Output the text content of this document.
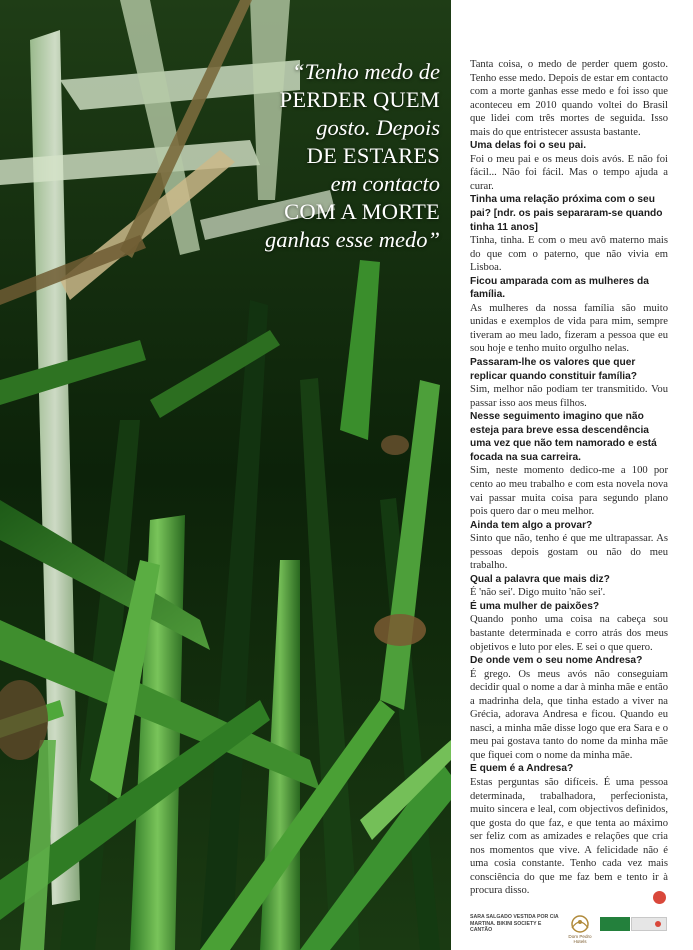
“Tenho medo de
PERDER QUEM
gosto. Depois
DE ESTARES
em contacto
COM A MORTE
ganhas esse medo”

Tanta coisa, o medo de perder quem gosto. Tenho esse medo. Depois de estar em contacto com a morte ganhas esse medo e foi isso que aconteceu em 2010 quando voltei do Brasil que lidei com três mortes de seguida. Isso mais do que entristecer assusta bastante.

Uma delas foi o seu pai.

Foi o meu pai e os meus dois avós. E não foi fácil... Não foi fácil. Mas o tempo ajuda a curar.

Tinha uma relação próxima com o seu pai? [ndr. os pais separaram-se quando tinha 11 anos]

Tinha, tinha. E com o meu avô materno mais do que com o paterno, que não vivia em Lisboa.

Ficou amparada com as mulheres da família.

As mulheres da nossa família são muito unidas e exemplos de vida para mim, sempre tiveram ao meu lado, fizeram a pessoa que eu sou hoje e tenho muito orgulho nelas.

Passaram-lhe os valores que quer replicar quando constituir família?

Sim, melhor não podiam ter transmitido. Vou passar isso aos meus filhos.

Nesse seguimento imagino que não esteja para breve essa descendência uma vez que não tem namorado e está focada na sua carreira.

Sim, neste momento dedico-me a 100 por cento ao meu trabalho e com esta novela nova vai passar muita coisa para segundo plano pois quero dar o meu melhor.

Ainda tem algo a provar?

Sinto que não, tenho é que me ultrapassar. As pessoas depois gostam ou não do meu trabalho.

Qual a palavra que mais diz?

É 'não sei'. Digo muito 'não sei'.

É uma mulher de paixões?

Quando ponho uma coisa na cabeça sou bastante determinada e corro atrás dos meus objetivos e luto por eles. E sei o que quero.

De onde vem o seu nome Andresa?

É grego. Os meus avós não conseguiam decidir qual o nome a dar à minha mãe e então a madrinha dela, que tinha estado a viver na Grécia, adorava Andresa e ficou. Quando eu nasci, a minha mãe disse logo que era Sara e o meu pai gostava tanto do nome da minha mãe que fiquei com o nome da minha mãe.

E quem é a Andresa?

Estas perguntas são difíceis. É uma pessoa determinada, trabalhadora, perfecionista, muito sincera e leal, com objectivos definidos, que gosta do que faz, e que tenta ao máximo ser feliz com as amizades e relações que cria nos momentos que vive. A felicidade não é uma cosia constante. Tenho cada vez mais consciência do que me faz bem e tento ir à procura disso.

SARA SALGADO VESTIDA POR CIA
MARTINA. BIKINI SOCIETY E CANTÃO
Dom Pedro
Hotels
